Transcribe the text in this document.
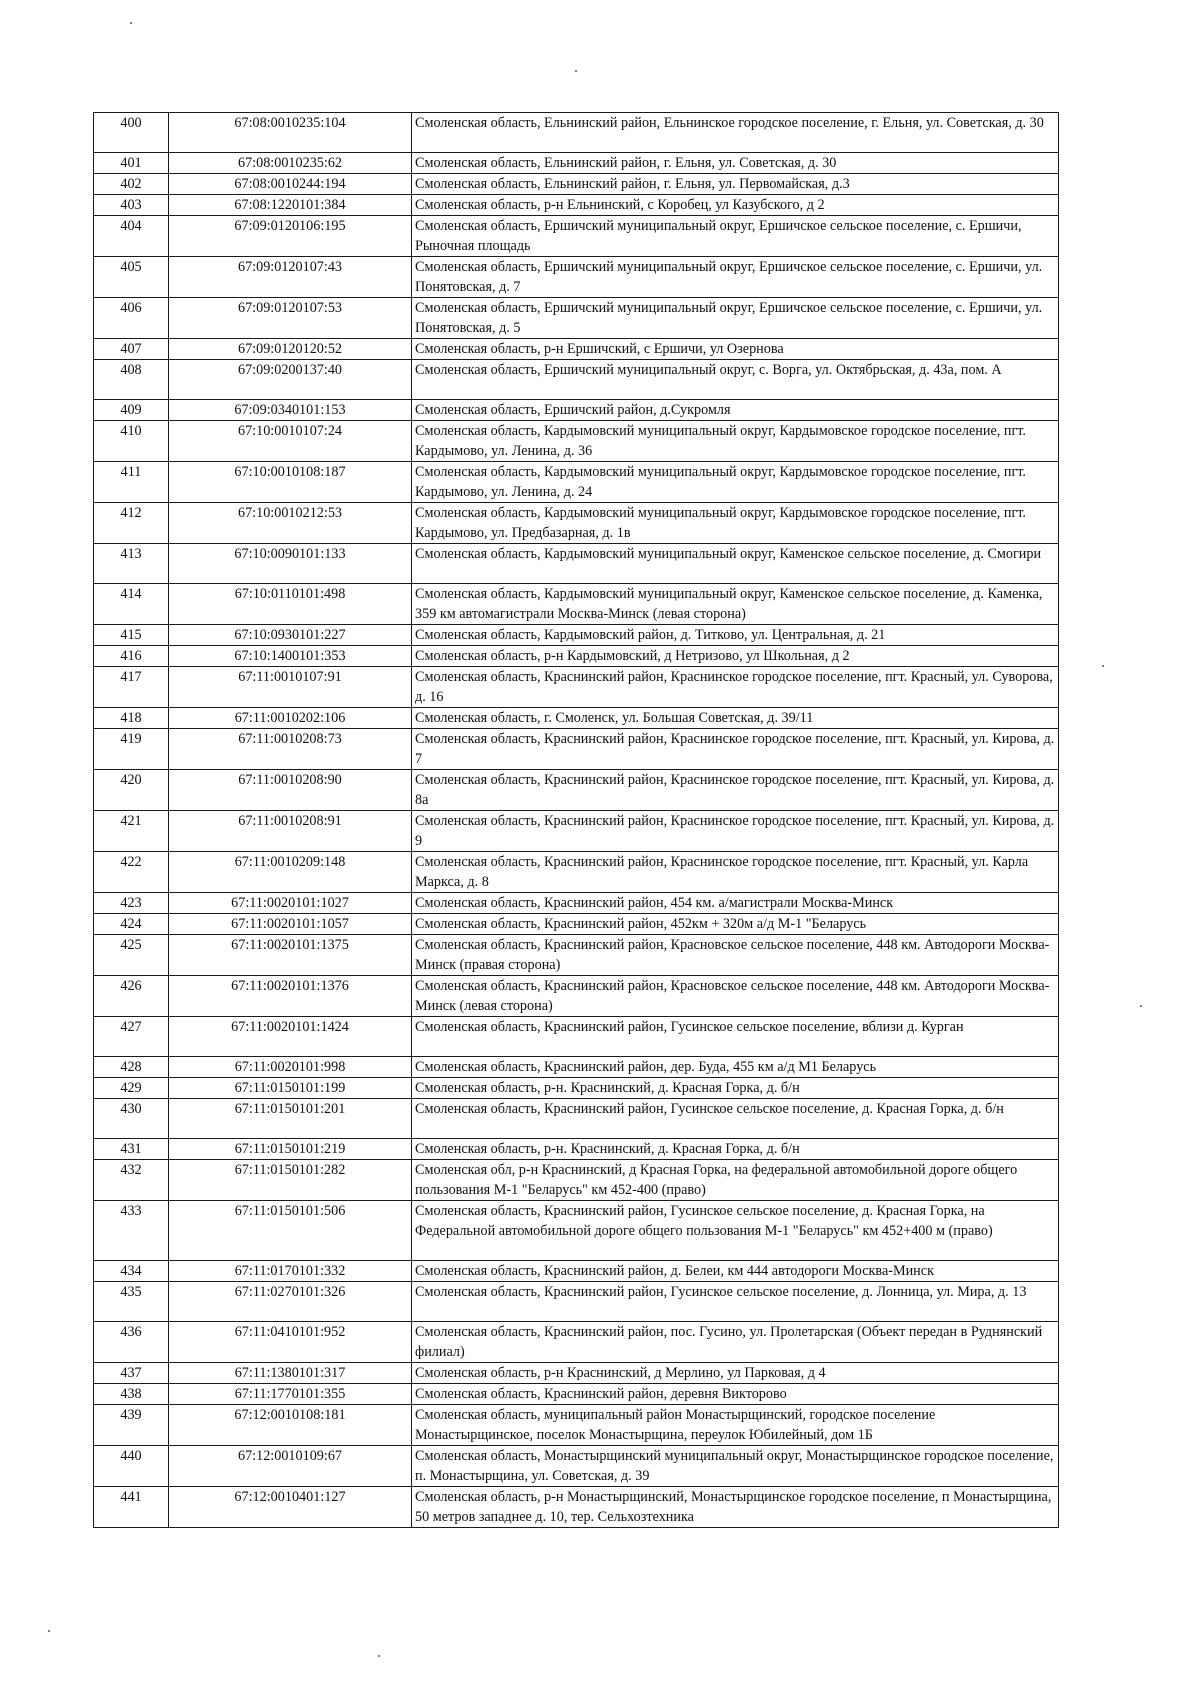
400	67:08:0010235:104	Смоленская область, Ельнинский район, Ельнинское городское поселение, г. Ельня, ул. Советская, д. 30
401	67:08:0010235:62	Смоленская область, Ельнинский район, г. Ельня, ул. Советская, д. 30
402	67:08:0010244:194	Смоленская область, Ельнинский район, г. Ельня, ул. Первомайская, д.3
403	67:08:1220101:384	Смоленская область, р-н Ельнинский, с Коробец, ул Казубского, д 2
404	67:09:0120106:195	Смоленская область, Ершичский муниципальный округ, Ершичское сельское поселение, с. Ершичи, Рыночная площадь
405	67:09:0120107:43	Смоленская область, Ершичский муниципальный округ, Ершичское сельское поселение, с. Ершичи, ул. Понятовская, д. 7
406	67:09:0120107:53	Смоленская область, Ершичский муниципальный округ, Ершичское сельское поселение, с. Ершичи, ул. Понятовская, д. 5
407	67:09:0120120:52	Смоленская область, р-н Ершичский, с Ершичи, ул Озернова
408	67:09:0200137:40	Смоленская область, Ершичский муниципальный округ, с. Ворга, ул. Октябрьская, д. 43а, пом. А
409	67:09:0340101:153	Смоленская область, Ершичский район, д.Сукромля
410	67:10:0010107:24	Смоленская область, Кардымовский муниципальный округ, Кардымовское городское поселение, пгт. Кардымово, ул. Ленина, д. 36
411	67:10:0010108:187	Смоленская область, Кардымовский муниципальный округ, Кардымовское городское поселение, пгт. Кардымово, ул. Ленина, д. 24
412	67:10:0010212:53	Смоленская область, Кардымовский муниципальный округ, Кардымовское городское поселение, пгт. Кардымово, ул. Предбазарная, д. 1в
413	67:10:0090101:133	Смоленская область, Кардымовский муниципальный округ, Каменское сельское поселение, д. Смогири
414	67:10:0110101:498	Смоленская область, Кардымовский муниципальный округ, Каменское сельское поселение, д. Каменка, 359 км автомагистрали Москва-Минск (левая сторона)
415	67:10:0930101:227	Смоленская область, Кардымовский район, д. Титково, ул. Центральная, д. 21
416	67:10:1400101:353	Смоленская область, р-н Кардымовский, д Нетризово, ул Школьная, д 2
417	67:11:0010107:91	Смоленская область, Краснинский район, Краснинское городское поселение, пгт. Красный, ул. Суворова, д. 16
418	67:11:0010202:106	Смоленская область, г. Смоленск, ул. Большая Советская, д. 39/11
419	67:11:0010208:73	Смоленская область, Краснинский район, Краснинское городское поселение, пгт. Красный, ул. Кирова, д. 7
420	67:11:0010208:90	Смоленская область, Краснинский район, Краснинское городское поселение, пгт. Красный, ул. Кирова, д. 8а
421	67:11:0010208:91	Смоленская область, Краснинский район, Краснинское городское поселение, пгт. Красный, ул. Кирова, д. 9
422	67:11:0010209:148	Смоленская область, Краснинский район, Краснинское городское поселение, пгт. Красный, ул. Карла Маркса, д. 8
423	67:11:0020101:1027	Смоленская область, Краснинский район, 454 км. а/магистрали Москва-Минск
424	67:11:0020101:1057	Смоленская область, Краснинский район, 452км + 320м а/д М-1 "Беларусь
425	67:11:0020101:1375	Смоленская область, Краснинский район, Красновское сельское поселение, 448 км. Автодороги Москва-Минск (правая сторона)
426	67:11:0020101:1376	Смоленская область, Краснинский район, Красновское сельское поселение, 448 км. Автодороги Москва-Минск (левая сторона)
427	67:11:0020101:1424	Смоленская область, Краснинский район, Гусинское сельское поселение, вблизи д. Курган
428	67:11:0020101:998	Смоленская область, Краснинский район, дер. Буда, 455 км а/д М1 Беларусь
429	67:11:0150101:199	Смоленская область, р-н. Краснинский, д. Красная Горка, д. б/н
430	67:11:0150101:201	Смоленская область, Краснинский район, Гусинское сельское поселение, д. Красная Горка, д. б/н
431	67:11:0150101:219	Смоленская область, р-н. Краснинский, д. Красная Горка, д. б/н
432	67:11:0150101:282	Смоленская обл, р-н Краснинский, д Красная Горка, на федеральной автомобильной дороге общего пользования М-1 "Беларусь" км 452-400 (право)
433	67:11:0150101:506	Смоленская область, Краснинский район, Гусинское сельское поселение, д. Красная Горка, на Федеральной автомобильной дороге общего пользования М-1 "Беларусь" км 452+400 м (право)
434	67:11:0170101:332	Смоленская область, Краснинский район, д. Белеи, км 444 автодороги Москва-Минск
435	67:11:0270101:326	Смоленская область, Краснинский район, Гусинское сельское поселение, д. Лонница, ул. Мира, д. 13
436	67:11:0410101:952	Смоленская область, Краснинский район, пос. Гусино, ул. Пролетарская (Объект передан в Руднянский филиал)
437	67:11:1380101:317	Смоленская область, р-н Краснинский, д Мерлино, ул Парковая, д 4
438	67:11:1770101:355	Смоленская область, Краснинский район, деревня Викторово
439	67:12:0010108:181	Смоленская область, муниципальный район Монастырщинский, городское поселение Монастырщинское, поселок Монастырщина, переулок Юбилейный, дом 1Б
440	67:12:0010109:67	Смоленская область, Монастырщинский муниципальный округ, Монастырщинское городское поселение, п. Монастырщина, ул. Советская, д. 39
441	67:12:0010401:127	Смоленская область, р-н Монастырщинский, Монастырщинское городское поселение, п Монастырщина, 50 метров западнее д. 10, тер. Сельхозтехника
